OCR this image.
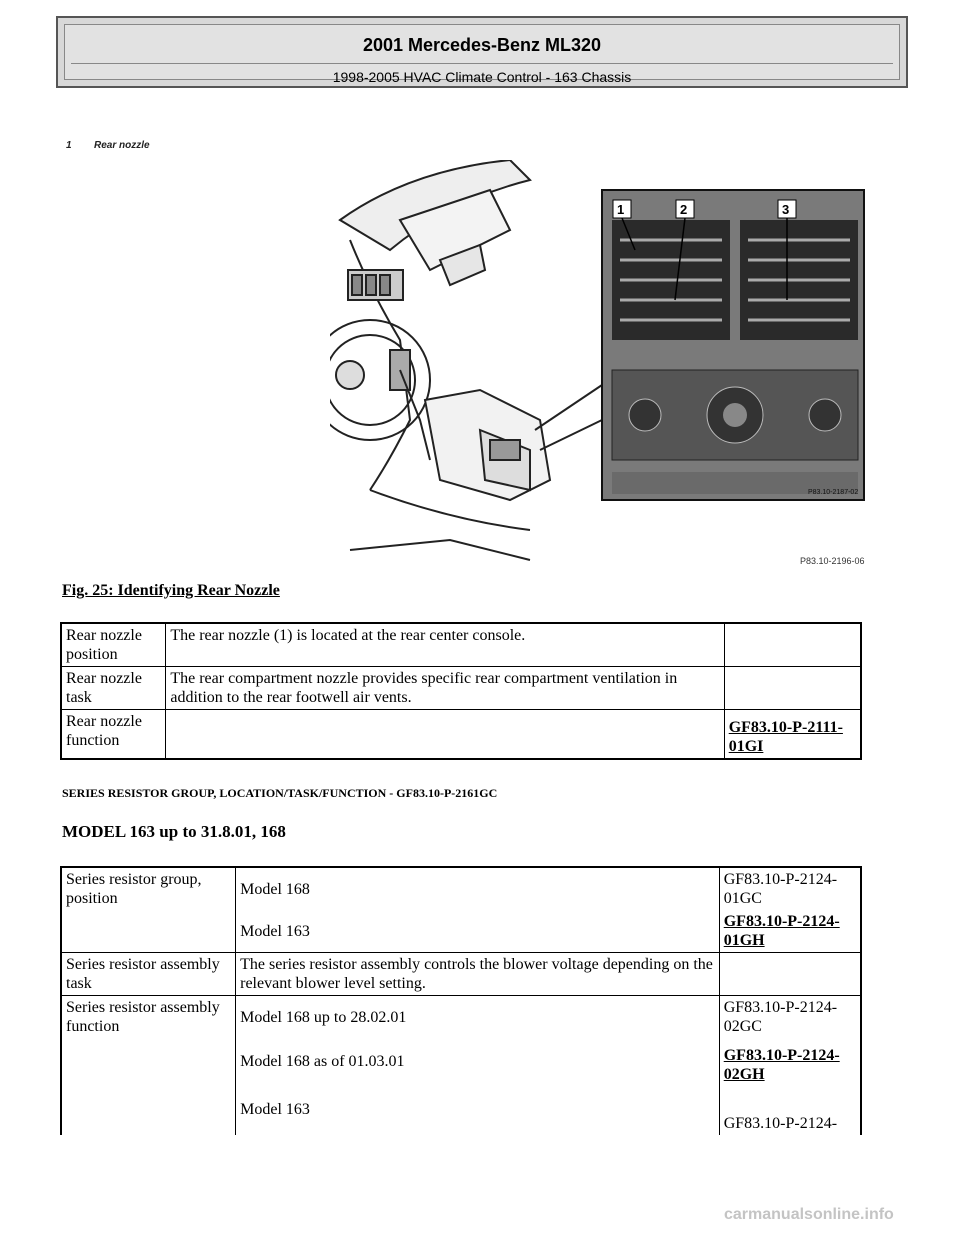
2001 Mercedes-Benz ML320
1998-2005 HVAC Climate Control - 163 Chassis
1 Rear nozzle
1	2	3
P83.10-2187-02
P83.10-2196-06
Fig. 25: Identifying Rear Nozzle
Rear nozzle position	The rear nozzle (1) is located at the rear center console.	
Rear nozzle task	The rear compartment nozzle provides specific rear compartment ventilation in addition to the rear footwell air vents.	
Rear nozzle function		GF83.10-P-2111-01GI
SERIES RESISTOR GROUP, LOCATION/TASK/FUNCTION - GF83.10-P-2161GC
MODEL 163 up to 31.8.01, 168
Series resistor group, position	Model 168	GF83.10-P-2124-01GC
	Model 163	GF83.10-P-2124-01GH
Series resistor assembly task	The series resistor assembly controls the blower voltage depending on the relevant blower level setting.	
Series resistor assembly function	Model 168 up to 28.02.01	GF83.10-P-2124-02GC
	Model 168 as of 01.03.01	GF83.10-P-2124-02GH
	Model 163	GF83.10-P-2124-
carmanualsonline.info
